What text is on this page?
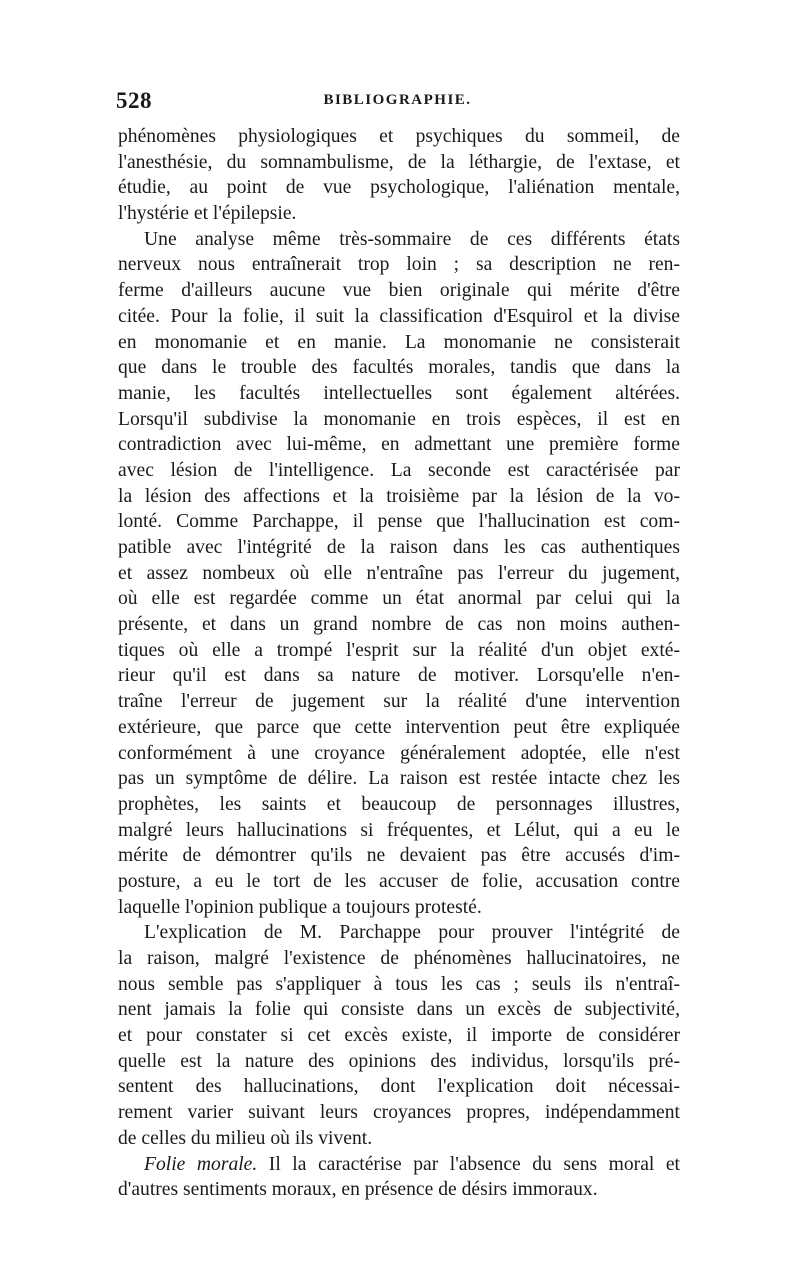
528	BIBLIOGRAPHIE.
phénomènes physiologiques et psychiques du sommeil, de
l'anesthésie, du somnambulisme, de la léthargie, de l'extase, et
étudie, au point de vue psychologique, l'aliénation mentale,
l'hystérie et l'épilepsie.
Une analyse même très-sommaire de ces différents états
nerveux nous entraînerait trop loin ; sa description ne ren-
ferme d'ailleurs aucune vue bien originale qui mérite d'être
citée. Pour la folie, il suit la classification d'Esquirol et la divise
en monomanie et en manie. La monomanie ne consisterait
que dans le trouble des facultés morales, tandis que dans la
manie, les facultés intellectuelles sont également altérées.
Lorsqu'il subdivise la monomanie en trois espèces, il est en
contradiction avec lui-même, en admettant une première forme
avec lésion de l'intelligence. La seconde est caractérisée par
la lésion des affections et la troisième par la lésion de la vo-
lonté. Comme Parchappe, il pense que l'hallucination est com-
patible avec l'intégrité de la raison dans les cas authentiques
et assez nombeux où elle n'entraîne pas l'erreur du jugement,
où elle est regardée comme un état anormal par celui qui la
présente, et dans un grand nombre de cas non moins authen-
tiques où elle a trompé l'esprit sur la réalité d'un objet exté-
rieur qu'il est dans sa nature de motiver. Lorsqu'elle n'en-
traîne l'erreur de jugement sur la réalité d'une intervention
extérieure, que parce que cette intervention peut être expliquée
conformément à une croyance généralement adoptée, elle n'est
pas un symptôme de délire. La raison est restée intacte chez les
prophètes, les saints et beaucoup de personnages illustres,
malgré leurs hallucinations si fréquentes, et Lélut, qui a eu le
mérite de démontrer qu'ils ne devaient pas être accusés d'im-
posture, a eu le tort de les accuser de folie, accusation contre
laquelle l'opinion publique a toujours protesté.
L'explication de M. Parchappe pour prouver l'intégrité de
la raison, malgré l'existence de phénomènes hallucinatoires, ne
nous semble pas s'appliquer à tous les cas ; seuls ils n'entraî-
nent jamais la folie qui consiste dans un excès de subjectivité,
et pour constater si cet excès existe, il importe de considérer
quelle est la nature des opinions des individus, lorsqu'ils pré-
sentent des hallucinations, dont l'explication doit nécessai-
rement varier suivant leurs croyances propres, indépendamment
de celles du milieu où ils vivent.
Folie morale. Il la caractérise par l'absence du sens moral et
d'autres sentiments moraux, en présence de désirs immoraux.
